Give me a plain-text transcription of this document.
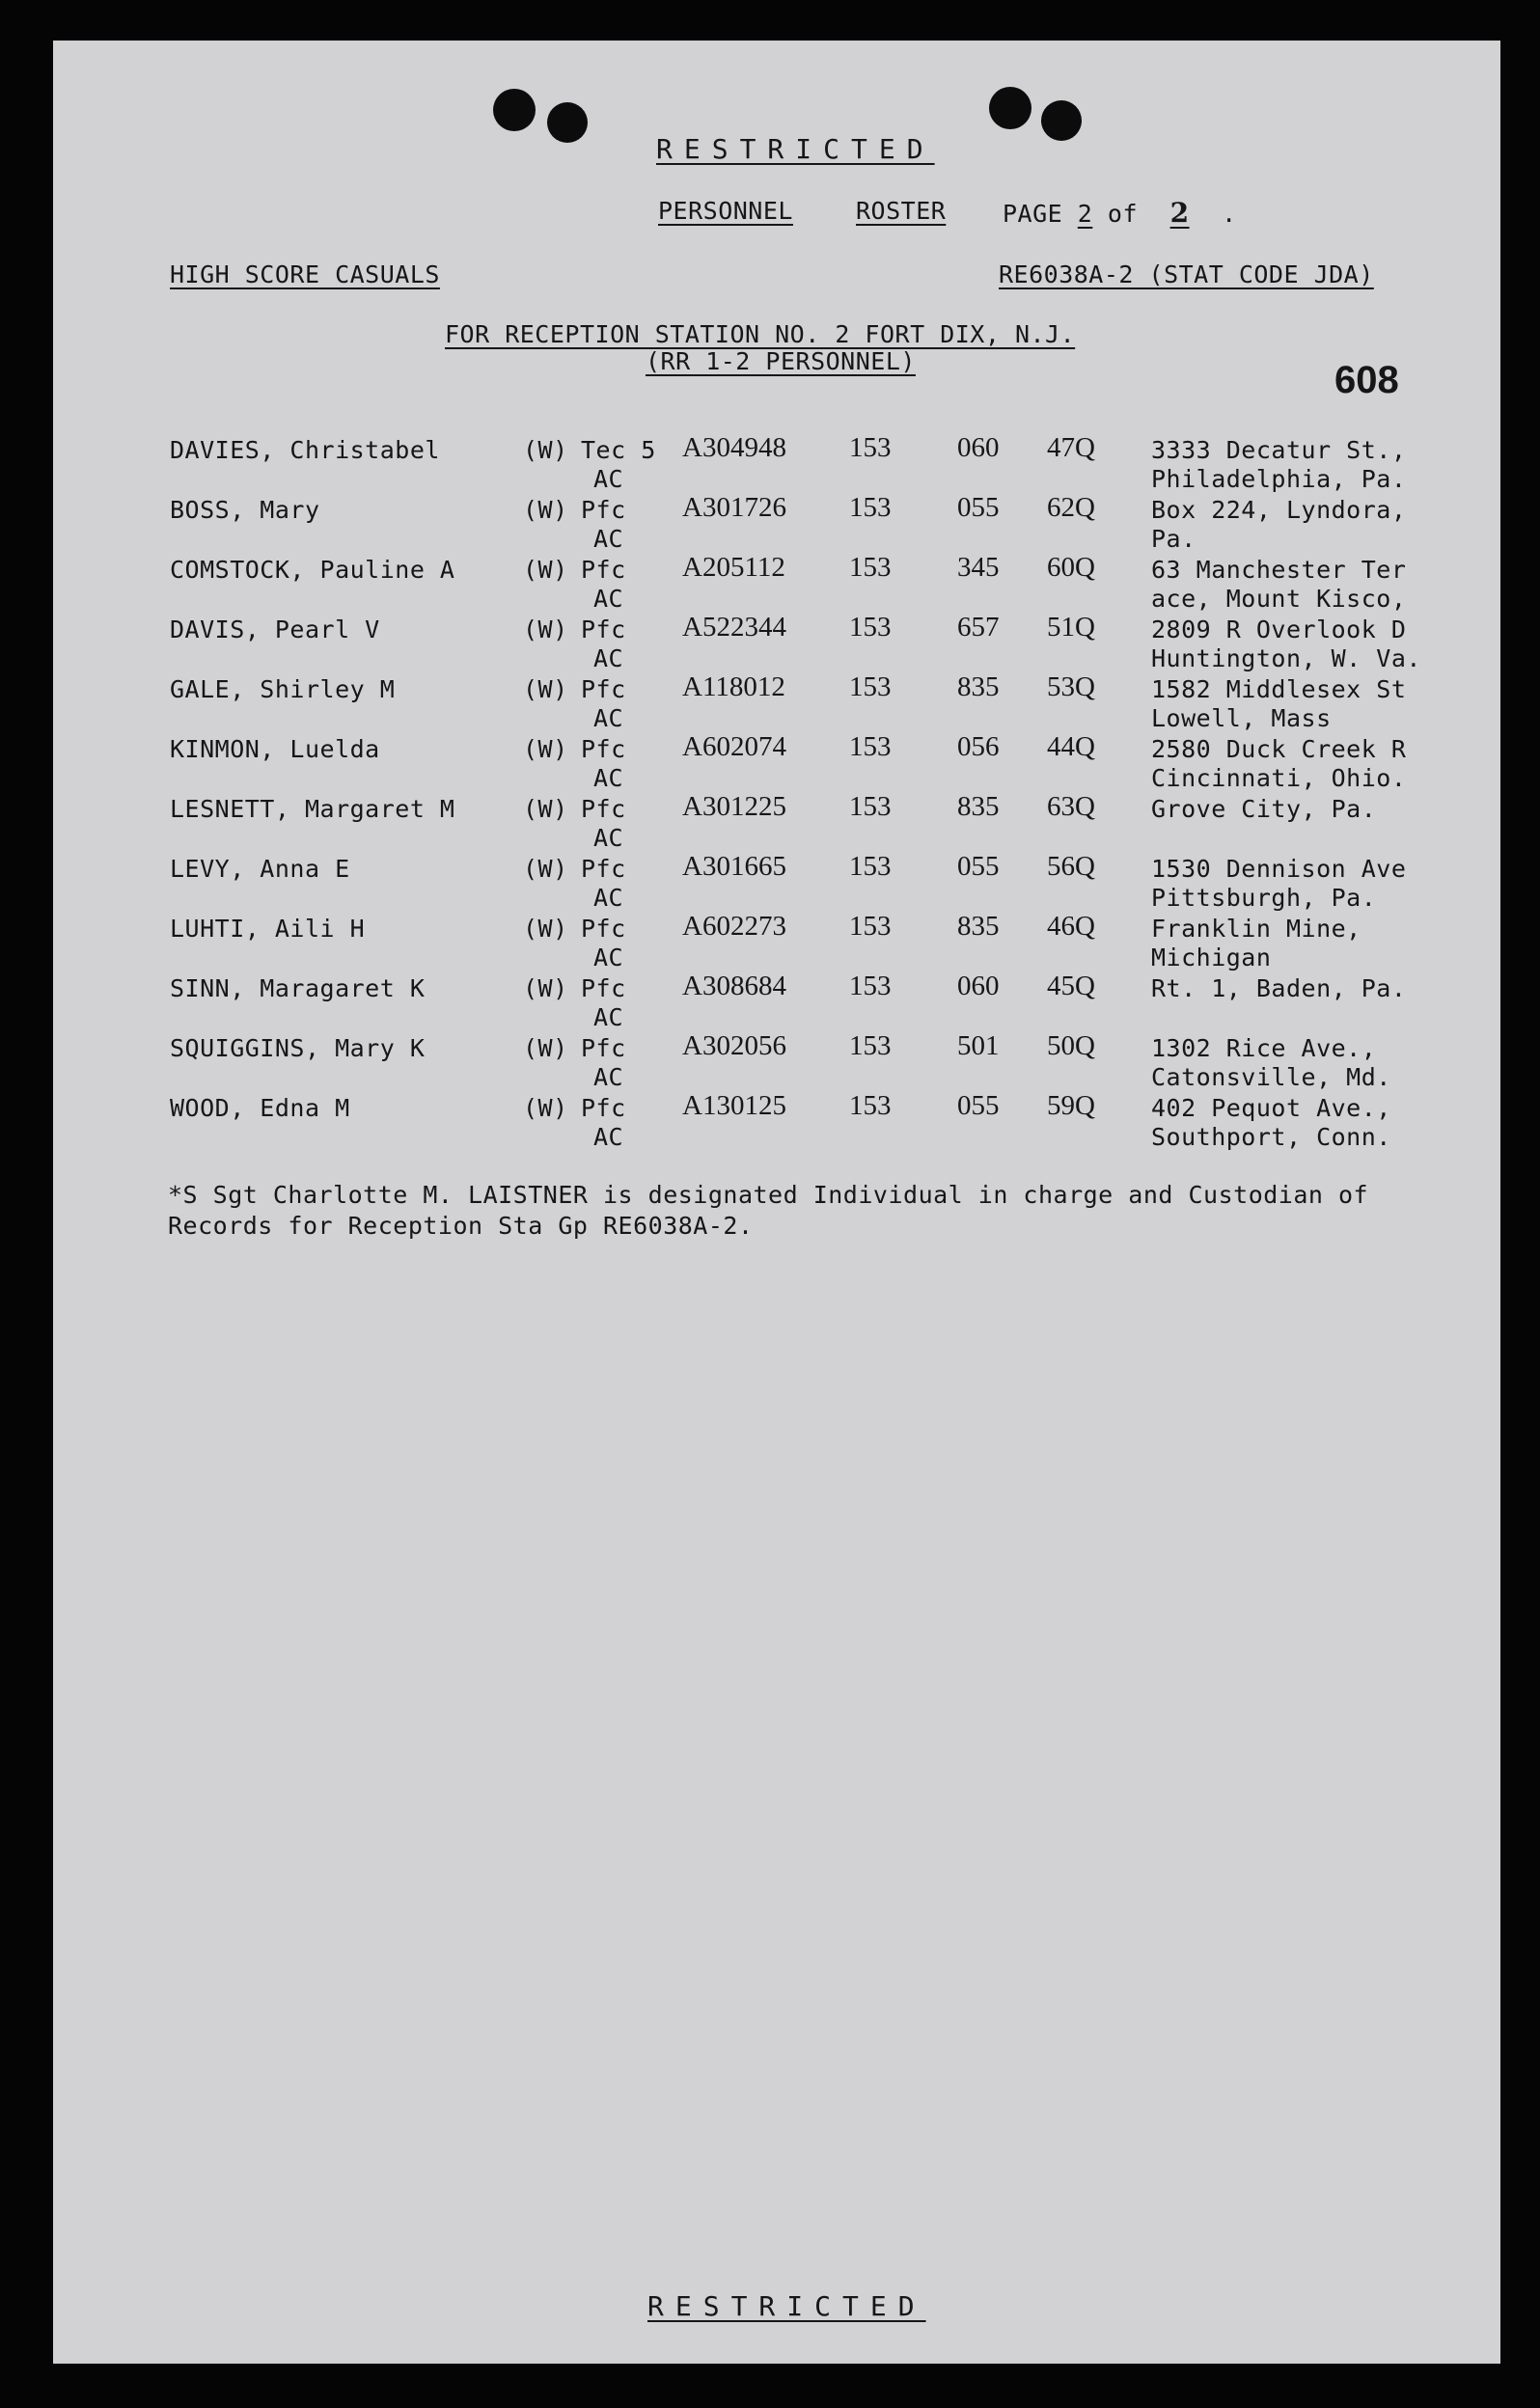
RESTRICTED
PERSONNEL	ROSTER PAGE 2 of 2 .
HIGH SCORE CASUALS	RE6038A-2 (STAT CODE JDA)
FOR RECEPTION STATION NO. 2 FORT DIX, N.J.
(RR 1-2 PERSONNEL)	608
DAVIES, Christabel	(W) Tec 5 A304948 153 060 47Q 3333 Decatur St.,
AC	Philadelphia, Pa.
BOSS, Mary	(W) Pfc A301726 153 055 62Q Box 224, Lyndora,
AC	Pa.
COMSTOCK, Pauline A	(W) Pfc A205112 153 345 60Q 63 Manchester Ter
AC	ace, Mount Kisco,
DAVIS, Pearl V	(W) Pfc A522344 153 657 51Q 2809 R Overlook D
AC	Huntington, W. Va.
GALE, Shirley M	(W) Pfc A118012 153 835 53Q 1582 Middlesex St
AC	Lowell, Mass
KINMON, Luelda	(W) Pfc A602074 153 056 44Q 2580 Duck Creek R
AC	Cincinnati, Ohio.
LESNETT, Margaret M	(W) Pfc A301225 153 835 63Q Grove City, Pa.
AC
LEVY, Anna E	(W) Pfc A301665 153 055 56Q 1530 Dennison Ave
AC	Pittsburgh, Pa.
LUHTI, Aili H	(W) Pfc A602273 153 835 46Q Franklin Mine,
AC	Michigan
SINN, Maragaret K	(W) Pfc A308684 153 060 45Q Rt. 1, Baden, Pa.
AC
SQUIGGINS, Mary K	(W) Pfc A302056 153 501 50Q 1302 Rice Ave.,
AC	Catonsville, Md.
WOOD, Edna M	(W) Pfc A130125 153 055 59Q 402 Pequot Ave.,
AC	Southport, Conn.
*S Sgt Charlotte M. LAISTNER is designated Individual in charge and Custodian of
Records for Reception Sta Gp RE6038A-2.
RESTRICTED
